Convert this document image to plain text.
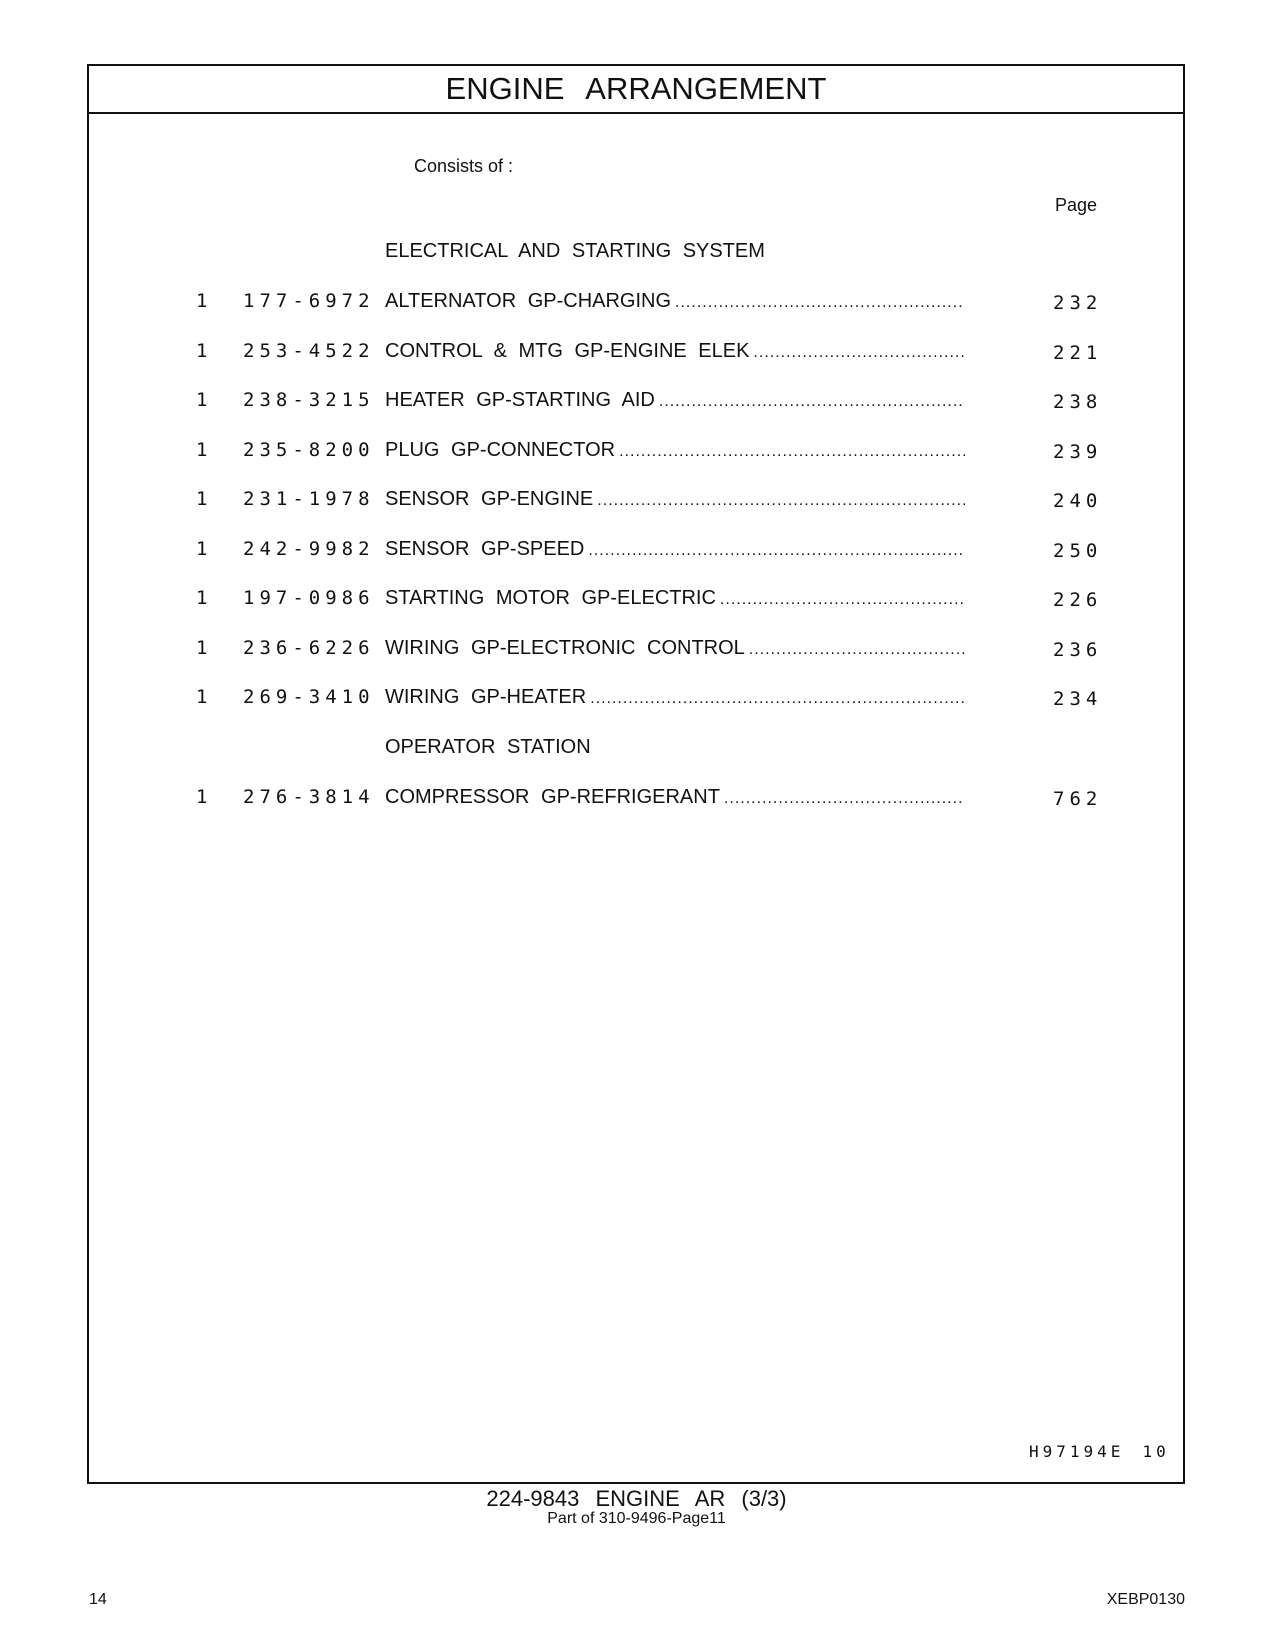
ENGINE ARRANGEMENT
Consists of :
Page
ELECTRICAL AND STARTING SYSTEM
1 177-6972 ALTERNATOR GP-CHARGING .....	232
1 253-4522 CONTROL & MTG GP-ENGINE ELEK .....	221
1 238-3215 HEATER GP-STARTING AID .....	238
1 235-8200 PLUG GP-CONNECTOR .....	239
1 231-1978 SENSOR GP-ENGINE .....	240
1 242-9982 SENSOR GP-SPEED .....	250
1 197-0986 STARTING MOTOR GP-ELECTRIC .....	226
1 236-6226 WIRING GP-ELECTRONIC CONTROL .....	236
1 269-3410 WIRING GP-HEATER .....	234
OPERATOR STATION
1 276-3814 COMPRESSOR GP-REFRIGERANT .....	762
H97194E 10
224-9843 ENGINE AR (3/3)
Part of 310-9496-Page11
14	XEBP0130
